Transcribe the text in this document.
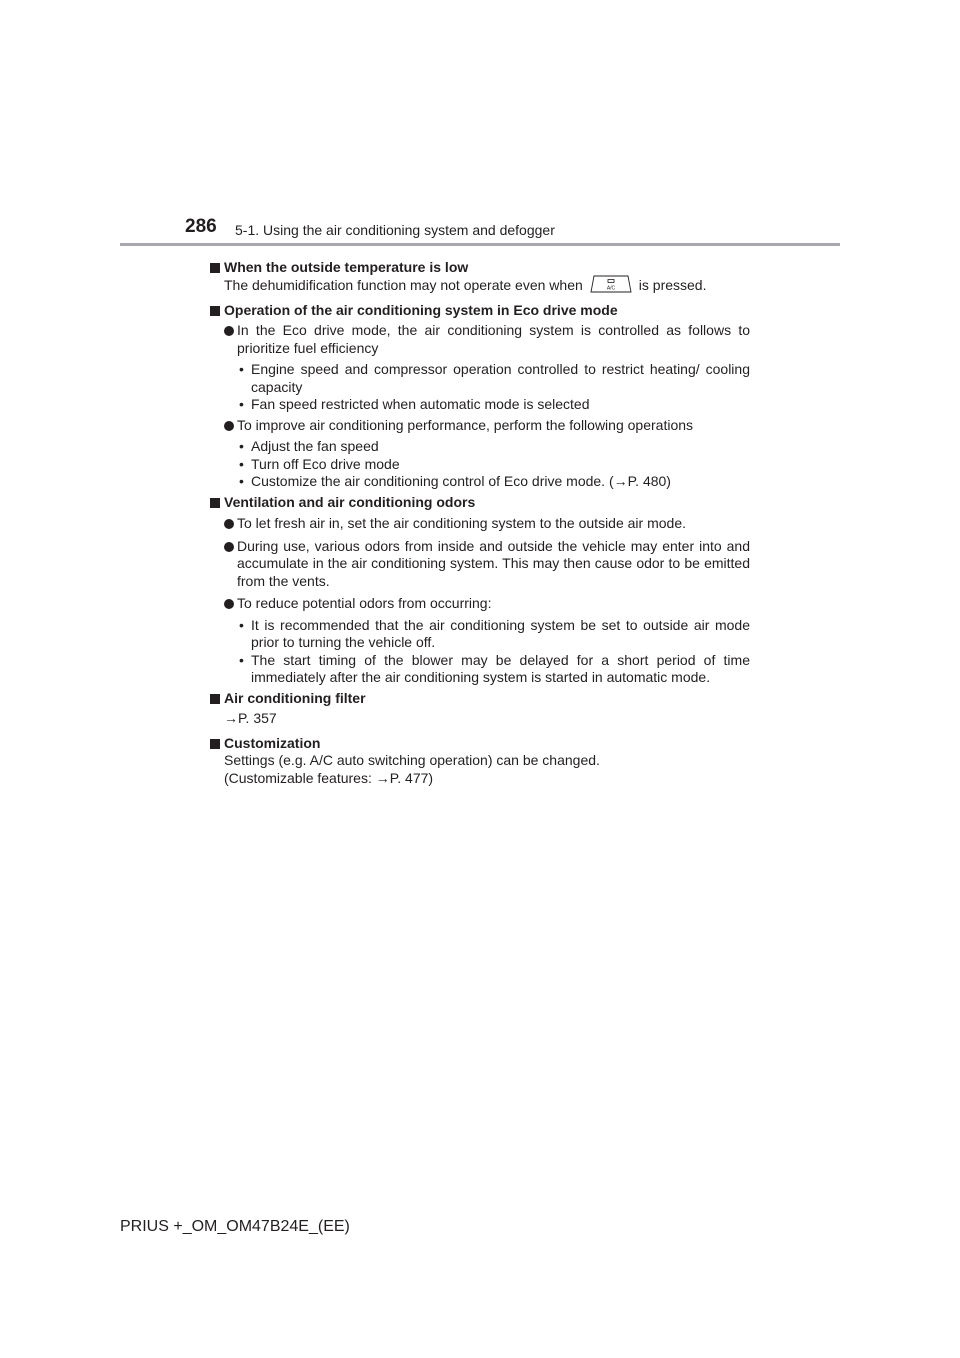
286 5-1. Using the air conditioning system and defogger
When the outside temperature is low
The dehumidification function may not operate even when	A/C is pressed.
Operation of the air conditioning system in Eco drive mode
In the Eco drive mode, the air conditioning system is controlled as follows to prioritize fuel efficiency
• Engine speed and compressor operation controlled to restrict heating/ cooling capacity
• Fan speed restricted when automatic mode is selected
To improve air conditioning performance, perform the following operations
• Adjust the fan speed
• Turn off Eco drive mode
• Customize the air conditioning control of Eco drive mode. (→P. 480)
Ventilation and air conditioning odors
To let fresh air in, set the air conditioning system to the outside air mode.
During use, various odors from inside and outside the vehicle may enter into and accumulate in the air conditioning system. This may then cause odor to be emitted from the vents.
To reduce potential odors from occurring:
• It is recommended that the air conditioning system be set to outside air mode prior to turning the vehicle off.
• The start timing of the blower may be delayed for a short period of time immediately after the air conditioning system is started in automatic mode.
Air conditioning filter
→P. 357
Customization
Settings (e.g. A/C auto switching operation) can be changed.
(Customizable features: →P. 477)
PRIUS +_OM_OM47B24E_(EE)
